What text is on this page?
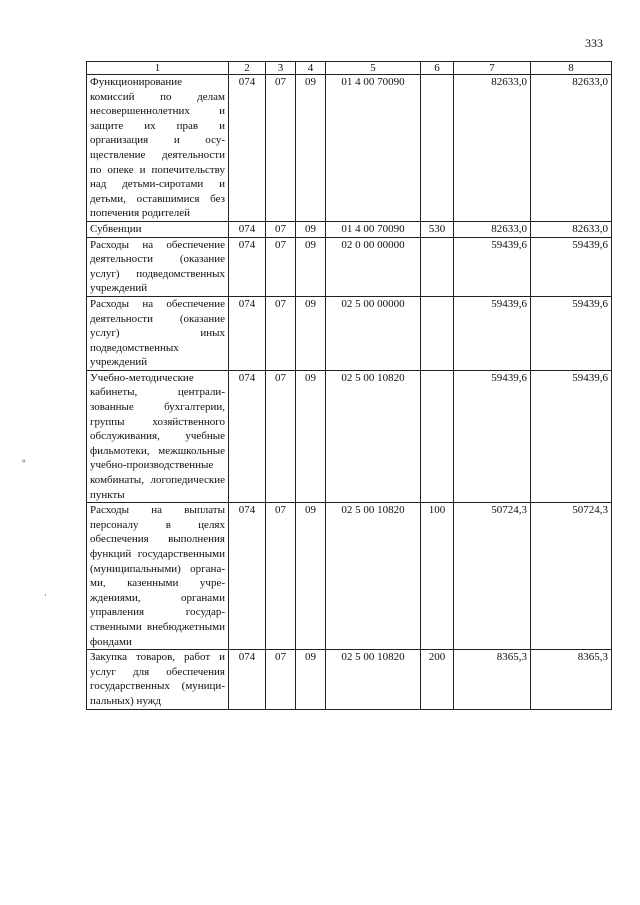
333
°
·
1	2	3	4	5	6	7	8
Функционирование комиссий по делам несовершеннолетних и защите их прав и организация и осуществление деятельности по опеке и попечительству над детьми-сиротами и детьми, оставшимися без попечения родителей	074	07	09	01 4 00 70090		82633,0	82633,0
Субвенции	074	07	09	01 4 00 70090	530	82633,0	82633,0
Расходы на обеспечение деятельности (оказание услуг) подведомственных учреждений	074	07	09	02 0 00 00000		59439,6	59439,6
Расходы на обеспечение деятельности (оказание услуг) иных подведомственных учреждений	074	07	09	02 5 00 00000		59439,6	59439,6
Учебно-методические кабинеты, централизованные бухгалтерии, группы хозяйственного обслуживания, учебные фильмотеки, межшкольные учебно-производственные комбинаты, логопедические пункты	074	07	09	02 5 00 10820		59439,6	59439,6
Расходы на выплаты персоналу в целях обеспечения выполнения функций государственными (муниципальными) органами, казенными учреждениями, органами управления государственными внебюджетными фондами	074	07	09	02 5 00 10820	100	50724,3	50724,3
Закупка товаров, работ и услуг для обеспечения государственных (муниципальных) нужд	074	07	09	02 5 00 10820	200	8365,3	8365,3
